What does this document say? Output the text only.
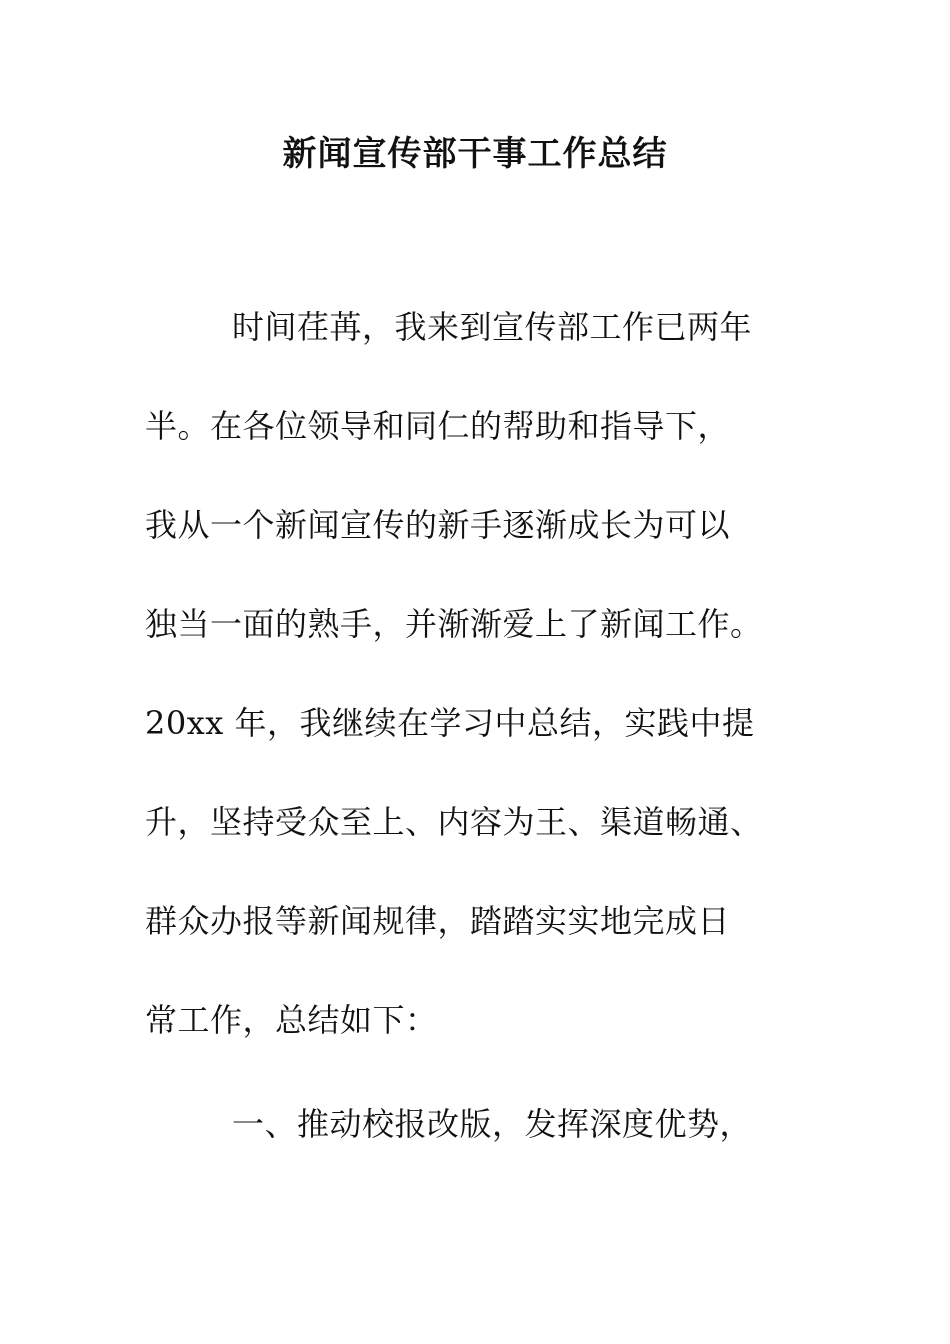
新闻宣传部干事工作总结
时间荏苒，我来到宣传部工作已两年
半。在各位领导和同仁的帮助和指导下，
我从一个新闻宣传的新手逐渐成长为可以
独当一面的熟手，并渐渐爱上了新闻工作。
20xx 年，我继续在学习中总结，实践中提
升，坚持受众至上、内容为王、渠道畅通、
群众办报等新闻规律，踏踏实实地完成日
常工作，总结如下：
一、推动校报改版，发挥深度优势，
